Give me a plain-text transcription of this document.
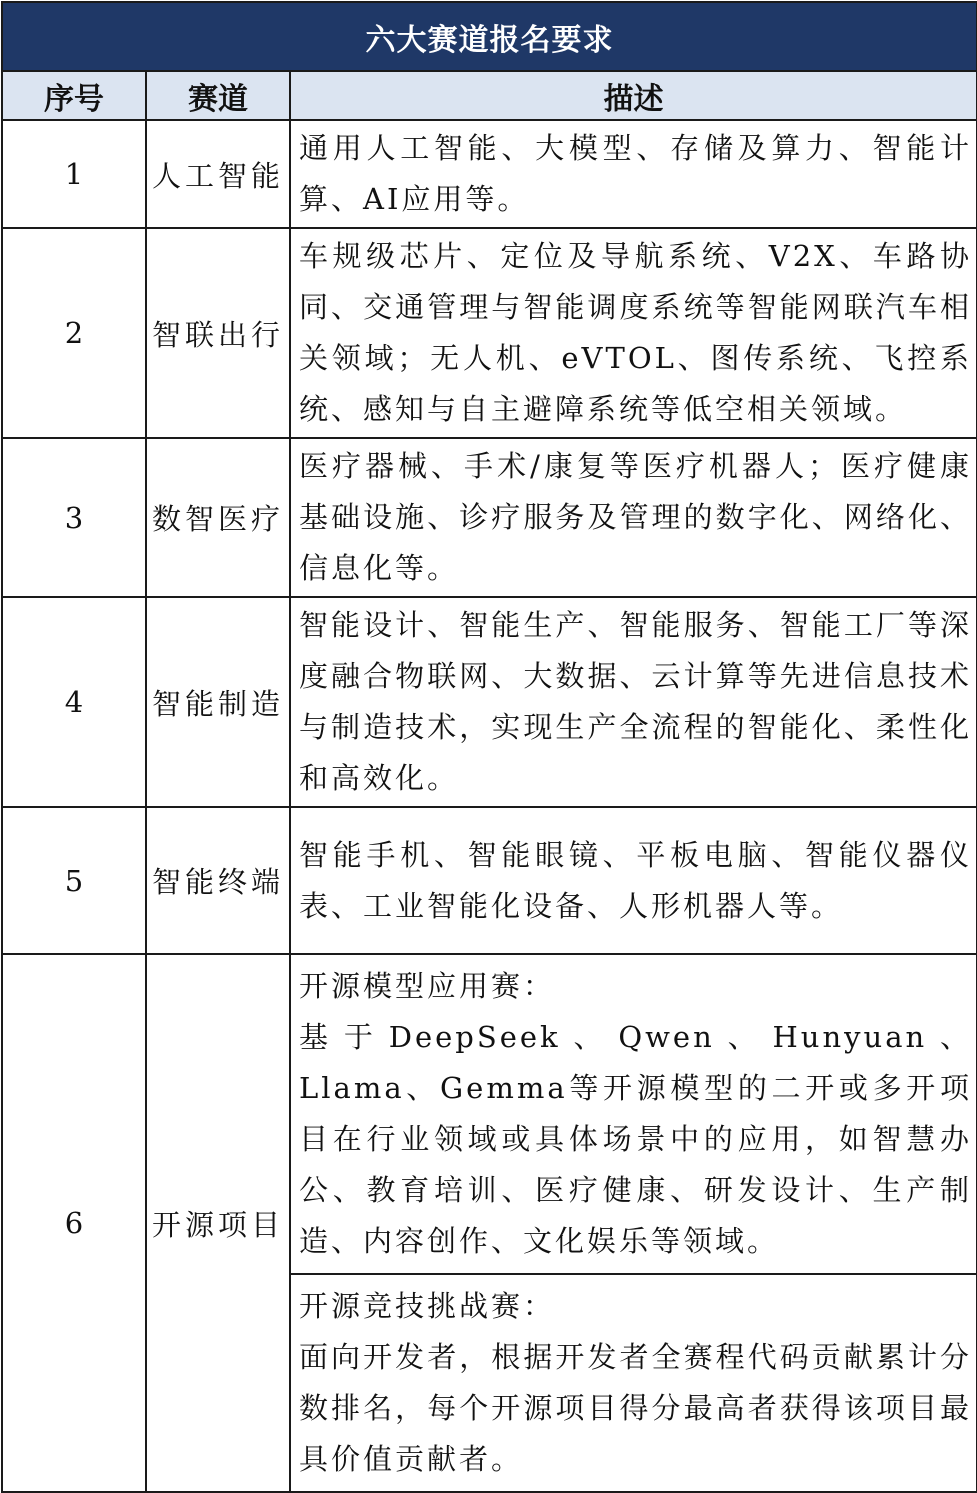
六大赛道报名要求		
序号	赛道	描述
1	人工智能	通用人工智能、大模型、存储及算力、智能计算、AI应用等。
2	智联出行	车规级芯片、定位及导航系统、V2X、车路协同、交通管理与智能调度系统等智能网联汽车相关领域；无人机、eVTOL、图传系统、飞控系统、感知与自主避障系统等低空相关领域。
3	数智医疗	医疗器械、手术/康复等医疗机器人；医疗健康基础设施、诊疗服务及管理的数字化、网络化、信息化等。
4	智能制造	智能设计、智能生产、智能服务、智能工厂等深度融合物联网、大数据、云计算等先进信息技术与制造技术，实现生产全流程的智能化、柔性化和高效化。
5	智能终端	智能手机、智能眼镜、平板电脑、智能仪器仪表、工业智能化设备、人形机器人等。
6	开源项目	开源模型应用赛：
基于DeepSeek、Qwen、Hunyuan、Llama、Gemma等开源模型的二开或多开项目在行业领域或具体场景中的应用，如智慧办公、教育培训、医疗健康、研发设计、生产制造、内容创作、文化娱乐等领域。

		开源竞技挑战赛：
面向开发者，根据开发者全赛程代码贡献累计分数排名，每个开源项目得分最高者获得该项目最具价值贡献者。
